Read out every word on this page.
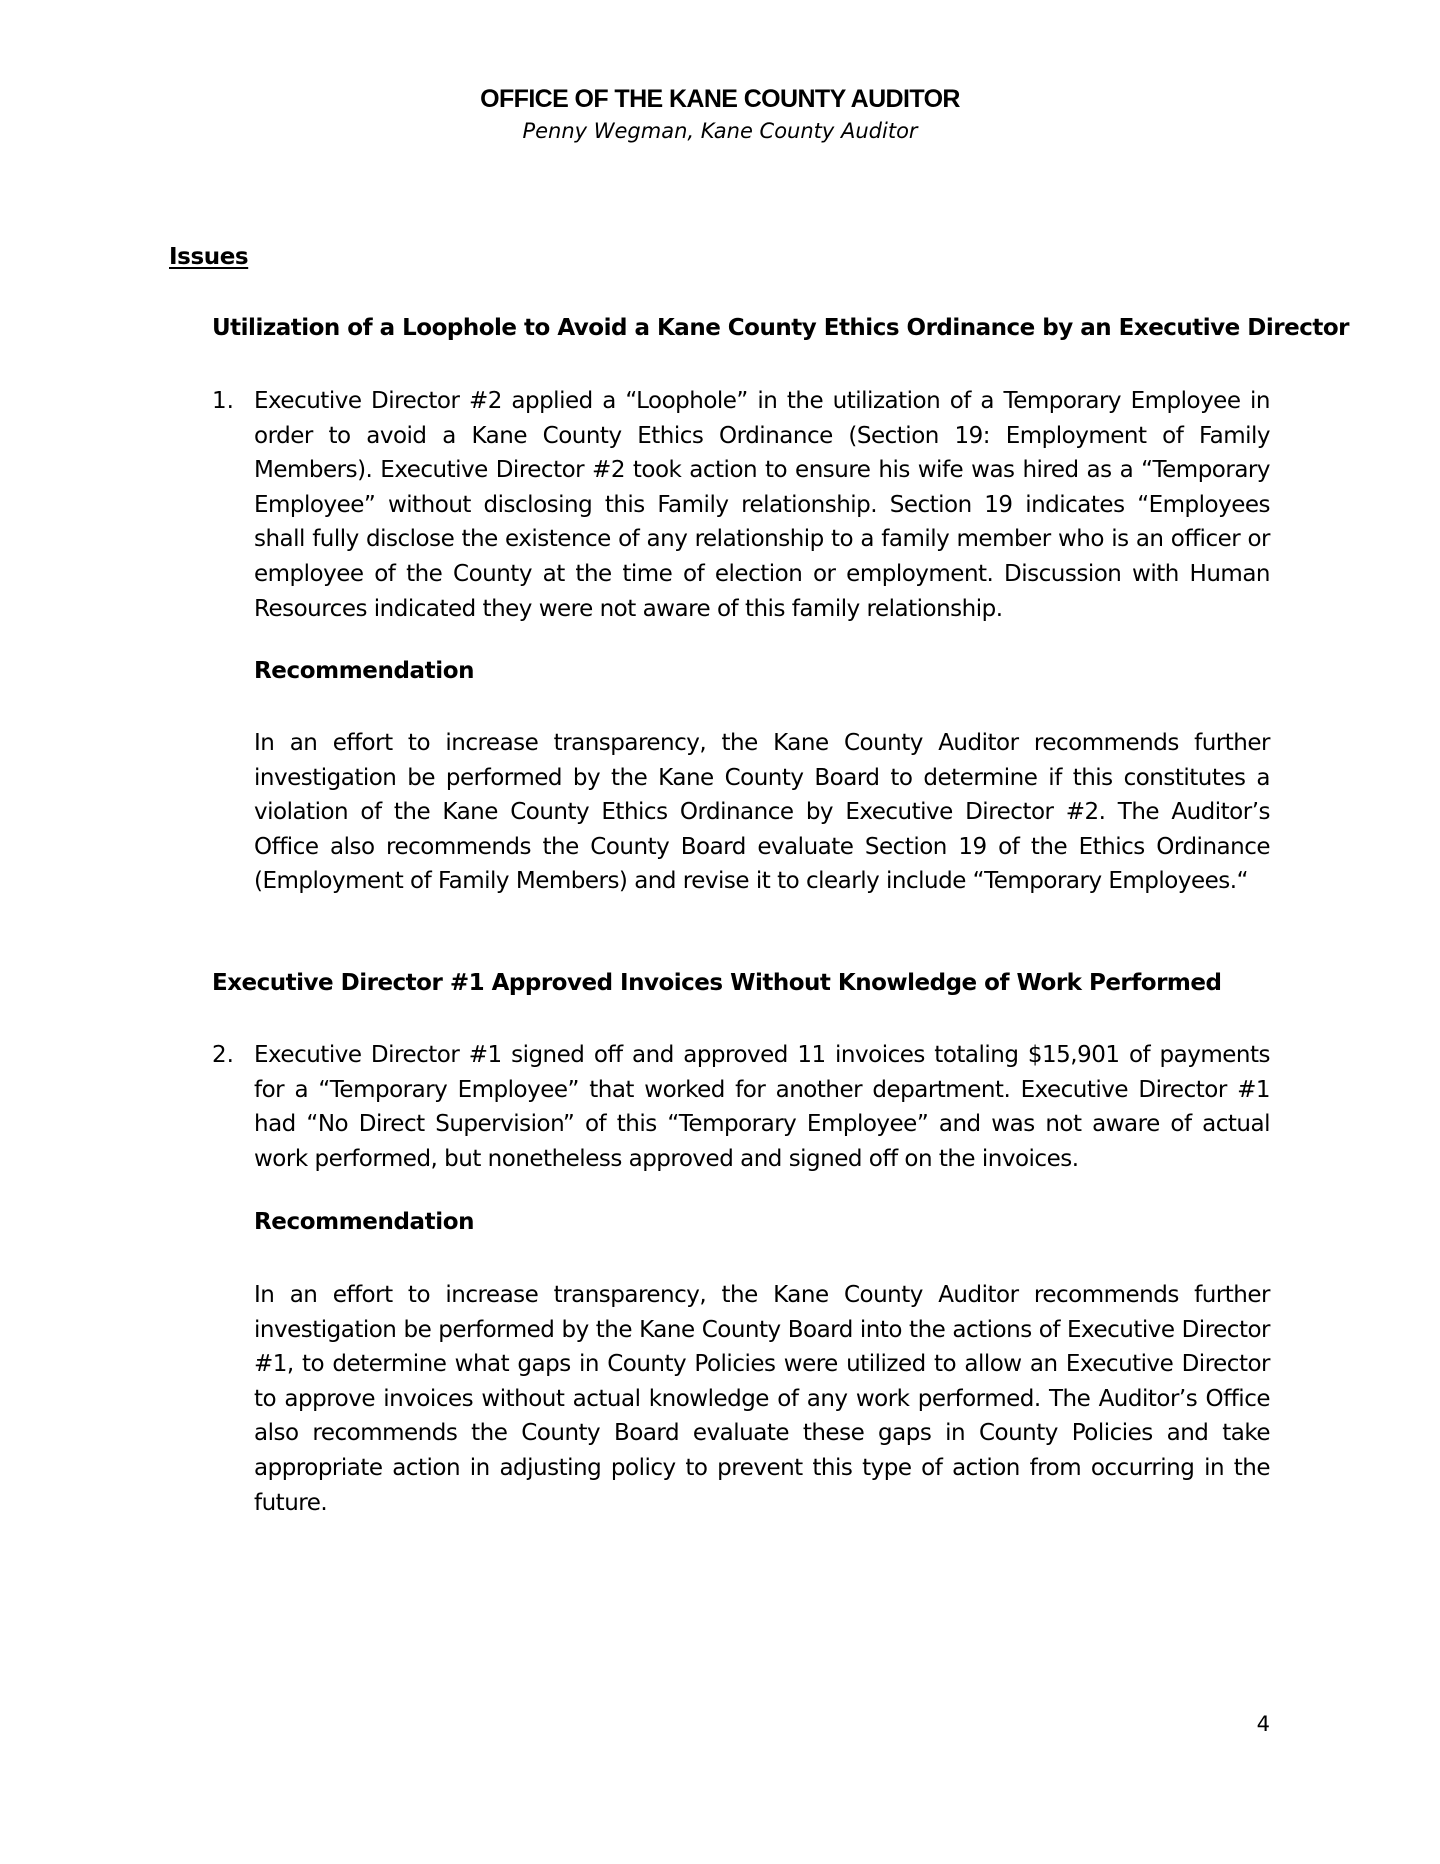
OFFICE OF THE KANE COUNTY AUDITOR
Penny Wegman, Kane County Auditor
Issues
Utilization of a Loophole to Avoid a Kane County Ethics Ordinance by an Executive Director
1. Executive Director #2 applied a “Loophole” in the utilization of a Temporary Employee in order to avoid a Kane County Ethics Ordinance (Section 19: Employment of Family Members). Executive Director #2 took action to ensure his wife was hired as a “Temporary Employee” without disclosing this Family relationship. Section 19 indicates “Employees shall fully disclose the existence of any relationship to a family member who is an officer or employee of the County at the time of election or employment. Discussion with Human Resources indicated they were not aware of this family relationship.
Recommendation
In an effort to increase transparency, the Kane County Auditor recommends further investigation be performed by the Kane County Board to determine if this constitutes a violation of the Kane County Ethics Ordinance by Executive Director #2. The Auditor’s Office also recommends the County Board evaluate Section 19 of the Ethics Ordinance (Employment of Family Members) and revise it to clearly include “Temporary Employees.“
Executive Director #1 Approved Invoices Without Knowledge of Work Performed
2. Executive Director #1 signed off and approved 11 invoices totaling $15,901 of payments for a “Temporary Employee” that worked for another department. Executive Director #1 had “No Direct Supervision” of this “Temporary Employee” and was not aware of actual work performed, but nonetheless approved and signed off on the invoices.
Recommendation
In an effort to increase transparency, the Kane County Auditor recommends further investigation be performed by the Kane County Board into the actions of Executive Director #1, to determine what gaps in County Policies were utilized to allow an Executive Director to approve invoices without actual knowledge of any work performed. The Auditor’s Office also recommends the County Board evaluate these gaps in County Policies and take appropriate action in adjusting policy to prevent this type of action from occurring in the future.
4
